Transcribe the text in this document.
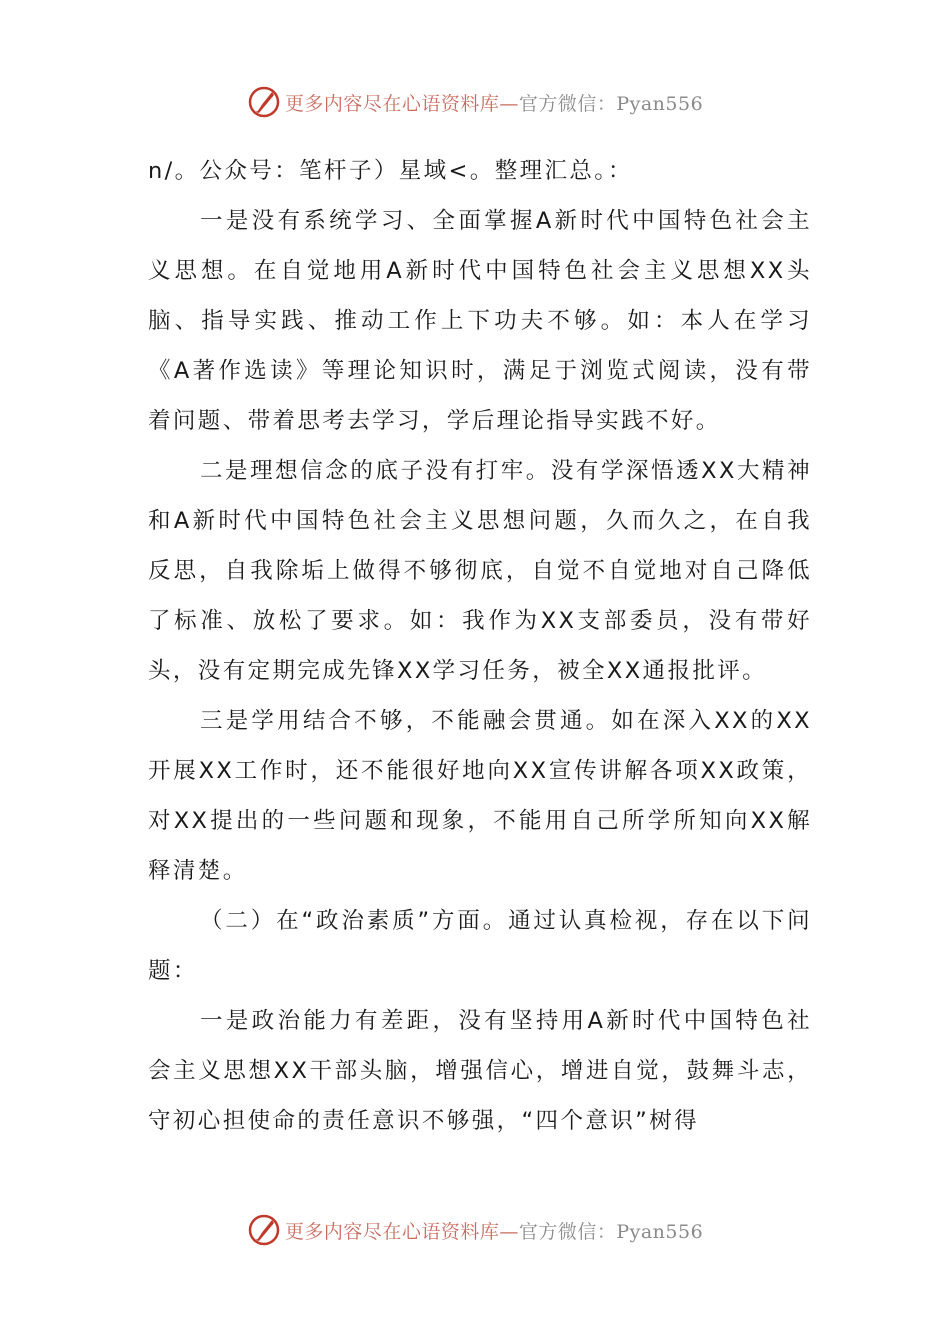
更多内容尽在心语资料库— 官方微信：Pyan556

n/。公众号：笔杆子）星域<。整理汇总。：

一是没有系统学习、全面掌握A新时代中国特色社会主义思想。在自觉地用A新时代中国特色社会主义思想XX头脑、指导实践、推动工作上下功夫不够。如：本人在学习《A著作选读》等理论知识时，满足于浏览式阅读，没有带着问题、带着思考去学习，学后理论指导实践不好。

二是理想信念的底子没有打牢。没有学深悟透XX大精神和A新时代中国特色社会主义思想问题，久而久之，在自我反思，自我除垢上做得不够彻底，自觉不自觉地对自己降低了标准、放松了要求。如：我作为XX支部委员，没有带好头，没有定期完成先锋XX学习任务，被全XX通报批评。

三是学用结合不够，不能融会贯通。如在深入XX的XX开展XX工作时，还不能很好地向XX宣传讲解各项XX政策，对XX提出的一些问题和现象，不能用自己所学所知向XX解释清楚。

（二）在“政治素质”方面。通过认真检视，存在以下问题：

一是政治能力有差距，没有坚持用A新时代中国特色社会主义思想XX干部头脑，增强信心，增进自觉，鼓舞斗志，守初心担使命的责任意识不够强，“四个意识”树得

更多内容尽在心语资料库— 官方微信：Pyan556
